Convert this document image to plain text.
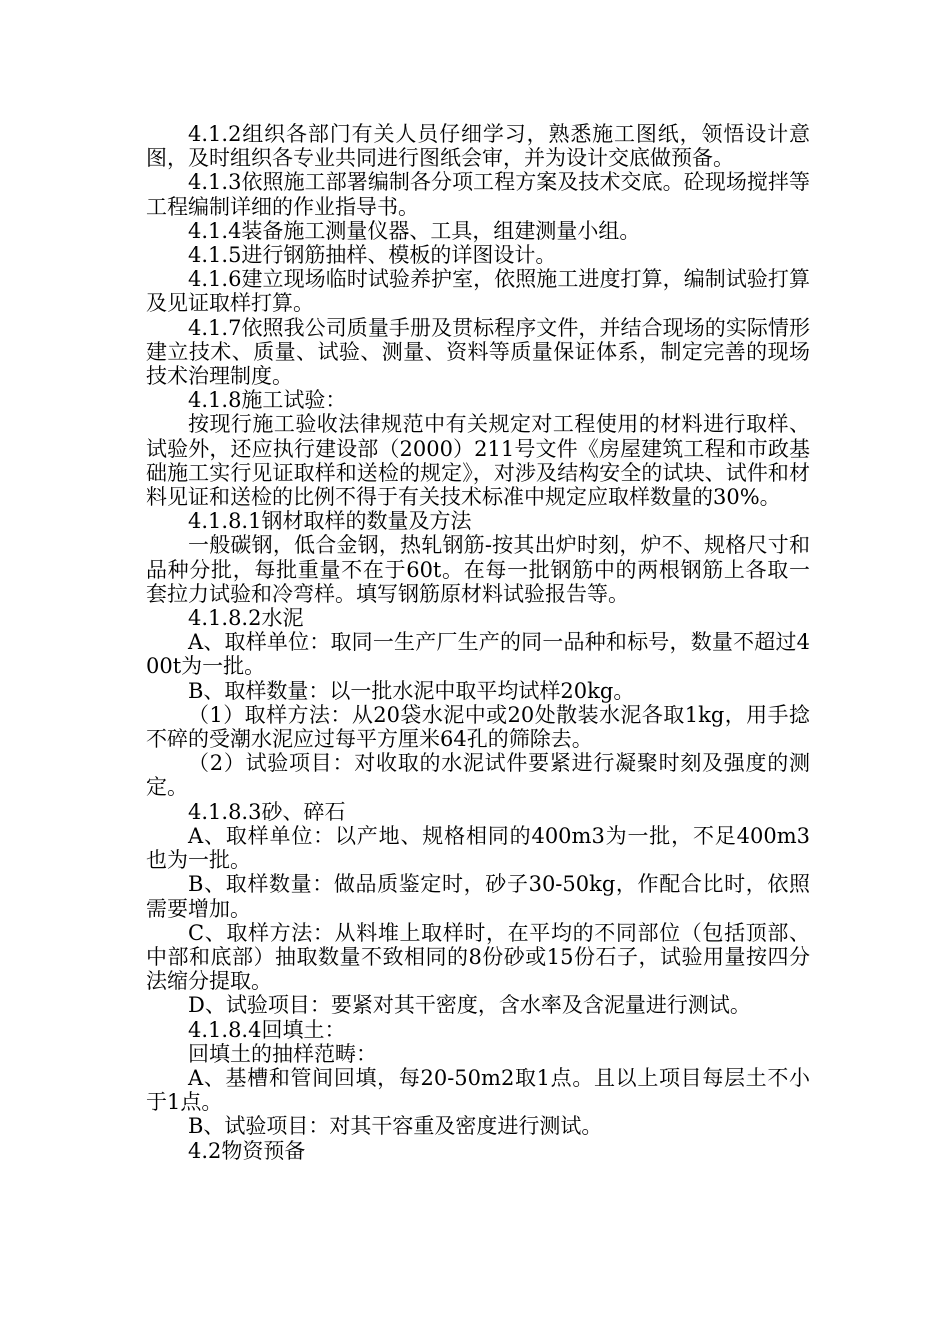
4.1.2组织各部门有关人员仔细学习，熟悉施工图纸，领悟设计意图，及时组织各专业共同进行图纸会审，并为设计交底做预备。

4.1.3依照施工部署编制各分项工程方案及技术交底。砼现场搅拌等工程编制详细的作业指导书。

4.1.4装备施工测量仪器、工具，组建测量小组。

4.1.5进行钢筋抽样、模板的详图设计。

4.1.6建立现场临时试验养护室，依照施工进度打算，编制试验打算及见证取样打算。

4.1.7依照我公司质量手册及贯标程序文件，并结合现场的实际情形建立技术、质量、试验、测量、资料等质量保证体系，制定完善的现场技术治理制度。

4.1.8施工试验：

按现行施工验收法律规范中有关规定对工程使用的材料进行取样、试验外，还应执行建设部（2000）211号文件《房屋建筑工程和市政基础施工实行见证取样和送检的规定》，对涉及结构安全的试块、试件和材料见证和送检的比例不得于有关技术标准中规定应取样数量的30%。

4.1.8.1钢材取样的数量及方法

一般碳钢，低合金钢，热轧钢筋-按其出炉时刻，炉不、规格尺寸和品种分批，每批重量不在于60t。在每一批钢筋中的两根钢筋上各取一套拉力试验和冷弯样。填写钢筋原材料试验报告等。

4.1.8.2水泥

A、取样单位：取同一生产厂生产的同一品种和标号，数量不超过400t为一批。

B、取样数量：以一批水泥中取平均试样20kg。

（1）取样方法：从20袋水泥中或20处散装水泥各取1kg，用手捻不碎的受潮水泥应过每平方厘米64孔的筛除去。

（2）试验项目：对收取的水泥试件要紧进行凝聚时刻及强度的测定。

4.1.8.3砂、碎石

A、取样单位：以产地、规格相同的400m3为一批，不足400m3也为一批。

B、取样数量：做品质鉴定时，砂子30-50kg，作配合比时，依照需要增加。

C、取样方法：从料堆上取样时，在平均的不同部位（包括顶部、中部和底部）抽取数量不致相同的8份砂或15份石子，试验用量按四分法缩分提取。

D、试验项目：要紧对其干密度，含水率及含泥量进行测试。

4.1.8.4回填土：

回填土的抽样范畴：

A、基槽和管间回填，每20-50m2取1点。且以上项目每层土不小于1点。

B、试验项目：对其干容重及密度进行测试。

4.2物资预备
